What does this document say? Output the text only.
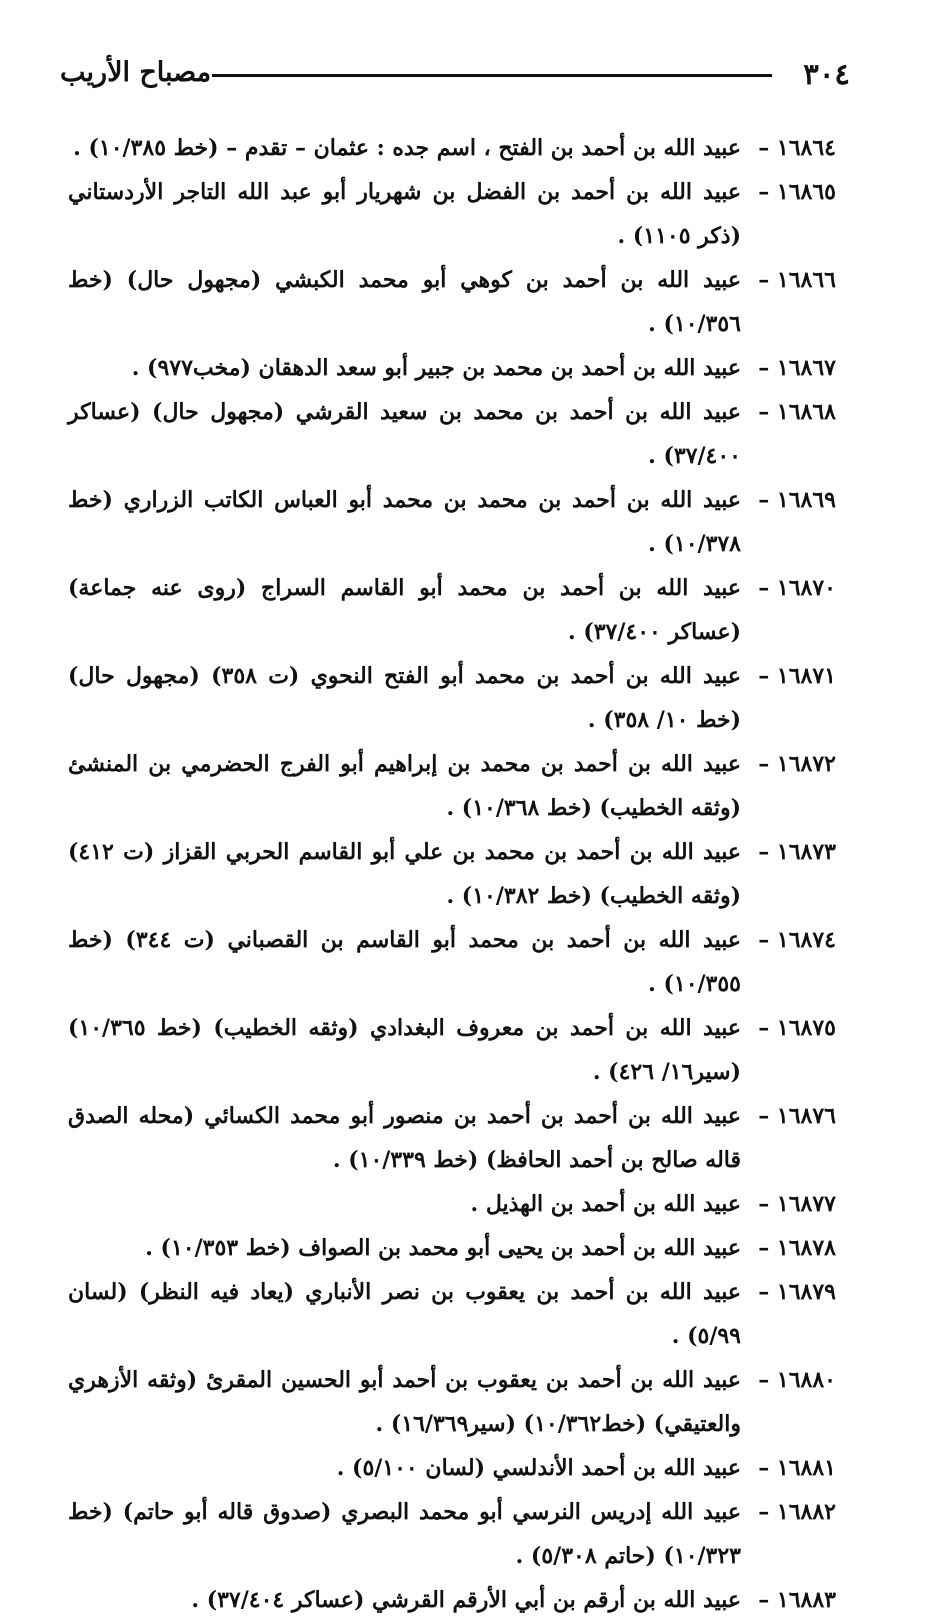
٣٠٤
مصباح الأريب
١٦٨٦٤ –
عبيد الله بن أحمد بن الفتح ، اسم جده : عثمان – تقدم – (خط ١٠/٣٨٥) .
١٦٨٦٥ –
عبيد الله بن أحمد بن الفضل بن شهريار أبو عبد الله التاجر الأردستاني (ذكر ١١٠٥) .
١٦٨٦٦ –
عبيد الله بن أحمد بن كوهي أبو محمد الكبشي (مجهول حال) (خط ١٠/٣٥٦) .
١٦٨٦٧ –
عبيد الله بن أحمد بن محمد بن جبير أبو سعد الدهقان (مخب٩٧٧) .
١٦٨٦٨ –
عبيد الله بن أحمد بن محمد بن سعيد القرشي (مجهول حال) (عساكر ٣٧/٤٠٠) .
١٦٨٦٩ –
عبيد الله بن أحمد بن محمد بن محمد أبو العباس الكاتب الزراري (خط ١٠/٣٧٨) .
١٦٨٧٠ –
عبيد الله بن أحمد بن محمد أبو القاسم السراج (روى عنه جماعة) (عساكر ٣٧/٤٠٠) .
١٦٨٧١ –
عبيد الله بن أحمد بن محمد أبو الفتح النحوي (ت ٣٥٨) (مجهول حال) (خط ١٠/ ٣٥٨) .
١٦٨٧٢ –
عبيد الله بن أحمد بن محمد بن إبراهيم أبو الفرج الحضرمي بن المنشئ (وثقه الخطيب) (خط ١٠/٣٦٨) .
١٦٨٧٣ –
عبيد الله بن أحمد بن محمد بن علي أبو القاسم الحربي القزاز (ت ٤١٢) (وثقه الخطيب) (خط ١٠/٣٨٢) .
١٦٨٧٤ –
عبيد الله بن أحمد بن محمد أبو القاسم بن القصباني (ت ٣٤٤) (خط ١٠/٣٥٥) .
١٦٨٧٥ –
عبيد الله بن أحمد بن معروف البغدادي (وثقه الخطيب) (خط ١٠/٣٦٥) (سير١٦/ ٤٢٦) .
١٦٨٧٦ –
عبيد الله بن أحمد بن أحمد بن منصور أبو محمد الكسائي (محله الصدق قاله صالح بن أحمد الحافظ) (خط ١٠/٣٣٩) .
١٦٨٧٧ –
عبيد الله بن أحمد بن الهذيل .
١٦٨٧٨ –
عبيد الله بن أحمد بن يحيى أبو محمد بن الصواف (خط ١٠/٣٥٣) .
١٦٨٧٩ –
عبيد الله بن أحمد بن يعقوب بن نصر الأنباري (يعاد فيه النظر) (لسان ٥/٩٩) .
١٦٨٨٠ –
عبيد الله بن أحمد بن يعقوب بن أحمد أبو الحسين المقرئ (وثقه الأزهري والعتيقي) (خط١٠/٣٦٢) (سير١٦/٣٦٩) .
١٦٨٨١ –
عبيد الله بن أحمد الأندلسي (لسان ٥/١٠٠) .
١٦٨٨٢ –
عبيد الله إدريس النرسي أبو محمد البصري (صدوق قاله أبو حاتم) (خط ١٠/٣٢٣) (حاتم ٥/٣٠٨) .
١٦٨٨٣ –
عبيد الله بن أرقم بن أبي الأرقم القرشي (عساكر ٣٧/٤٠٤) .
